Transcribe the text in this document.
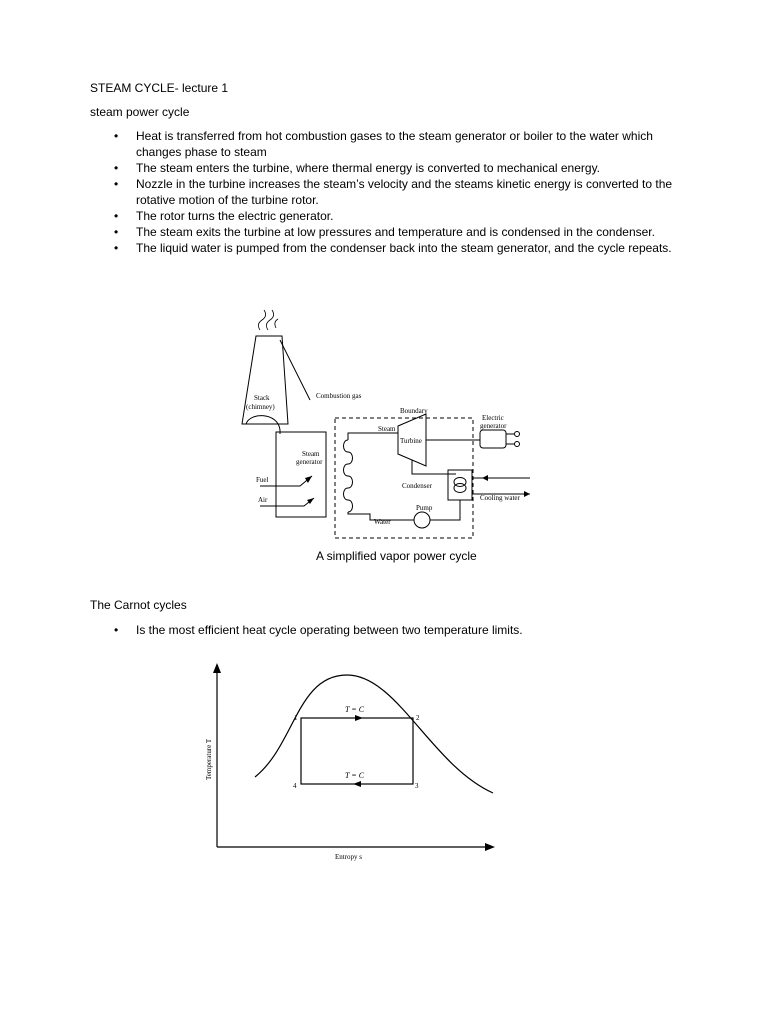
STEAM CYCLE- lecture 1
steam power cycle
• Heat is transferred from hot combustion gases to the steam generator or boiler to the water which changes phase to steam
• The steam enters the turbine, where thermal energy is converted to mechanical energy.
• Nozzle in the turbine increases the steam’s velocity and the steams kinetic energy is converted to the rotative motion of the turbine rotor.
• The rotor turns the electric generator.
• The steam exits the turbine at low pressures and temperature and is condensed in the condenser.
• The liquid water is pumped from the condenser back into the steam generator, and the cycle repeats.
Stack
(chimney)
Combustion gas
Boundary
Steam
Turbine
Electric
generator
Steam
generator
Fuel
Air
Condenser
Cooling water
Pump
Water
A simplified vapor power cycle
The Carnot cycles
• Is the most efficient heat cycle operating between two temperature limits.
Temperature T
Entropy s
T = C
T = C
1	2
3
4
